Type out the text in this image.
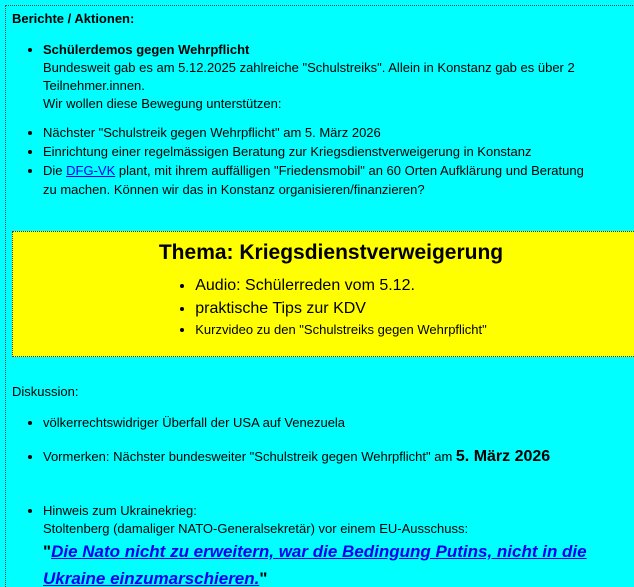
Berichte / Aktionen:
• Schülerdemos gegen Wehrpflicht
Bundesweit gab es am 5.12.2025 zahlreiche "Schulstreiks". Allein in Konstanz gab es über 2
Teilnehmer.innen.
Wir wollen diese Bewegung unterstützen:
• Nächster "Schulstreik gegen Wehrpflicht" am 5. März 2026
• Einrichtung einer regelmässigen Beratung zur Kriegsdienstverweigerung in Konstanz
• Die DFG-VK plant, mit ihrem auffälligen "Friedensmobil" an 60 Orten Aufklärung und Beratung
zu machen. Können wir das in Konstanz organisieren/finanzieren?
Thema: Kriegsdienstverweigerung
• Audio: Schülerreden vom 5.12.
• praktische Tips zur KDV
• Kurzvideo zu den "Schulstreiks gegen Wehrpflicht"
Diskussion:
• völkerrechtswidriger Überfall der USA auf Venezuela
• Vormerken: Nächster bundesweiter "Schulstreik gegen Wehrpflicht" am 5. März 2026
• Hinweis zum Ukrainekrieg:
Stoltenberg (damaliger NATO-Generalsekretär) vor einem EU-Ausschuss:
"Die Nato nicht zu erweitern, war die Bedingung Putins, nicht in die
Ukraine einzumarschieren."
